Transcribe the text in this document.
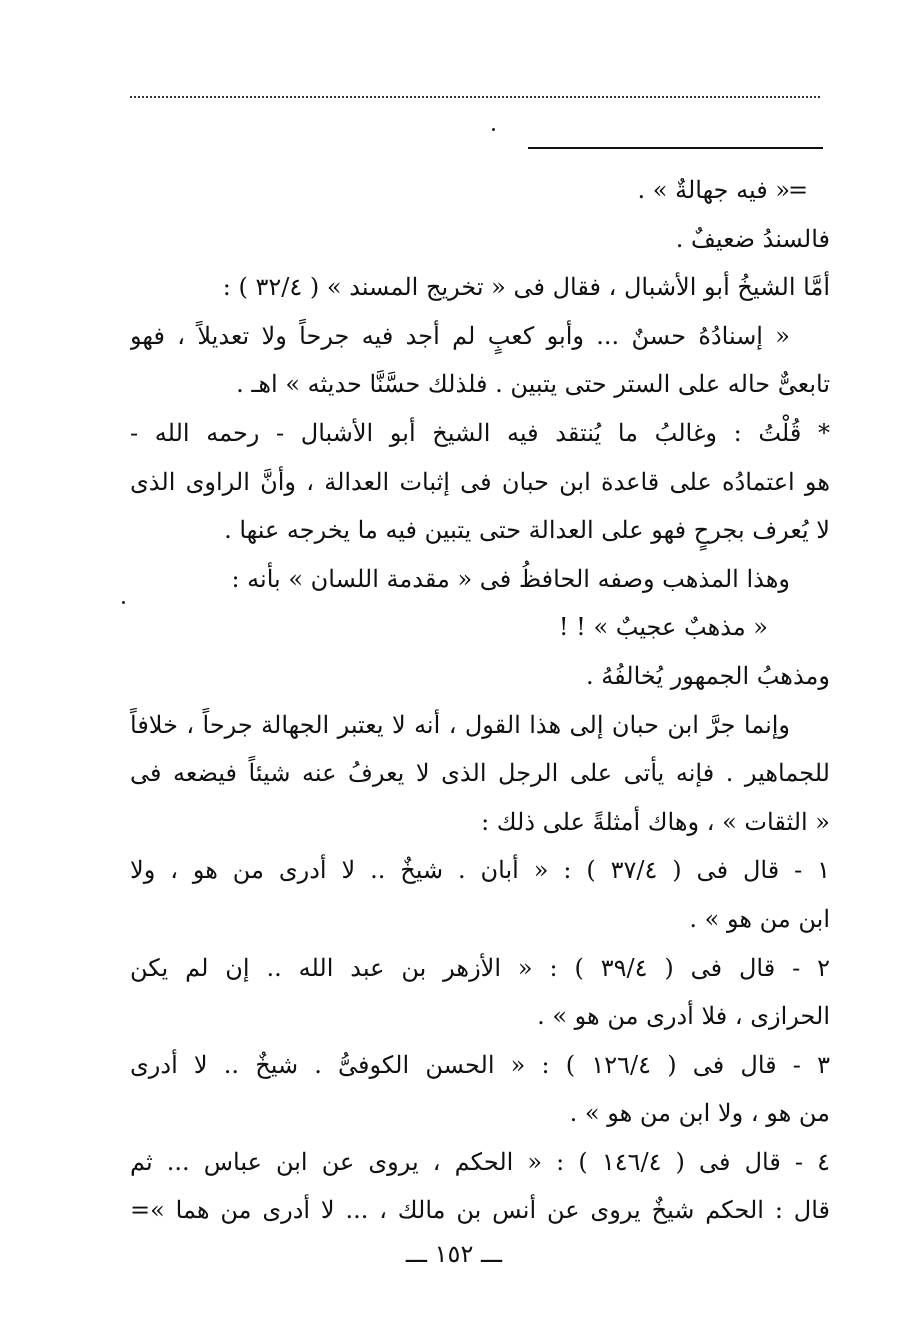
=
« فيه جهالةٌ » .
فالسندُ ضعيفٌ .
أمَّا الشيخُ أبو الأشبال ، فقال فى « تخريج المسند » ( ٣٢/٤ ) :
« إسنادُهُ حسنٌ ... وأبو كعبٍ لم أجد فيه جرحاً ولا تعديلاً ، فهو
تابعىٌّ حاله على الستر حتى يتبين . فلذلك حسَّنَّا حديثه » اهـ .
* قُلْتُ : وغالبُ ما يُنتقد فيه الشيخ أبو الأشبال - رحمه الله -
هو اعتمادُه على قاعدة ابن حبان فى إثبات العدالة ، وأنَّ الراوى الذى
لا يُعرف بجرحٍ فهو على العدالة حتى يتبين فيه ما يخرجه عنها .
وهذا المذهب وصفه الحافظُ فى « مقدمة اللسان » بأنه :
« مذهبٌ عجيبٌ » ! !
ومذهبُ الجمهور يُخالفُهُ .
وإنما جرَّ ابن حبان إلى هذا القول ، أنه لا يعتبر الجهالة جرحاً ، خلافاً
للجماهير . فإنه يأتى على الرجل الذى لا يعرفُ عنه شيئاً فيضعه فى
« الثقات » ، وهاك أمثلةً على ذلك :
١ - قال فى ( ٣٧/٤ ) : « أبان . شيخٌ .. لا أدرى من هو ، ولا
ابن من هو » .
٢ - قال فى ( ٣٩/٤ ) : « الأزهر بن عبد الله .. إن لم يكن
الحرازى ، فلا أدرى من هو » .
٣ - قال فى ( ١٢٦/٤ ) : « الحسن الكوفىُّ . شيخٌ .. لا أدرى
من هو ، ولا ابن من هو » .
٤ - قال فى ( ١٤٦/٤ ) : « الحكم ، يروى عن ابن عباس ... ثم
قال : الحكم شيخٌ يروى عن أنس بن مالك ، ... لا أدرى من هما »=
ـــ ١٥٢ ـــ
